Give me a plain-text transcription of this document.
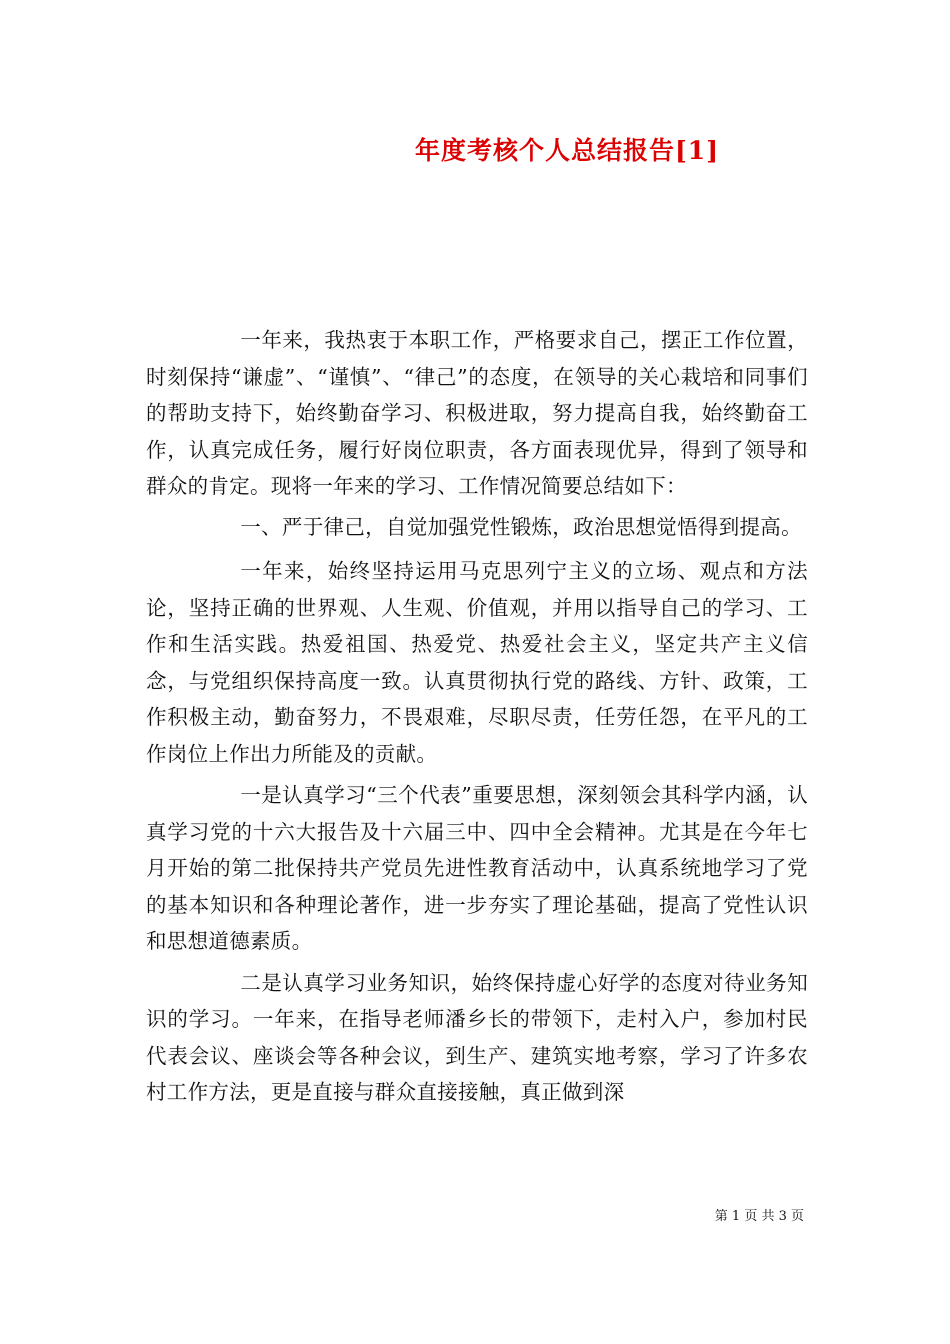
年度考核个人总结报告[1]

一年来，我热衷于本职工作，严格要求自己，摆正工作位置，时刻保持“谦虚”、“谨慎”、“律己”的态度，在领导的关心栽培和同事们的帮助支持下，始终勤奋学习、积极进取，努力提高自我，始终勤奋工作，认真完成任务，履行好岗位职责，各方面表现优异，得到了领导和群众的肯定。现将一年来的学习、工作情况简要总结如下：

一、严于律己，自觉加强党性锻炼，政治思想觉悟得到提高。

一年来，始终坚持运用马克思列宁主义的立场、观点和方法论，坚持正确的世界观、人生观、价值观，并用以指导自己的学习、工作和生活实践。热爱祖国、热爱党、热爱社会主义，坚定共产主义信念，与党组织保持高度一致。认真贯彻执行党的路线、方针、政策，工作积极主动，勤奋努力，不畏艰难，尽职尽责，任劳任怨，在平凡的工作岗位上作出力所能及的贡献。

一是认真学习“三个代表”重要思想，深刻领会其科学内涵，认真学习党的十六大报告及十六届三中、四中全会精神。尤其是在今年七月开始的第二批保持共产党员先进性教育活动中，认真系统地学习了党的基本知识和各种理论著作，进一步夯实了理论基础，提高了党性认识和思想道德素质。

二是认真学习业务知识，始终保持虚心好学的态度对待业务知识的学习。一年来，在指导老师潘乡长的带领下，走村入户，参加村民代表会议、座谈会等各种会议，到生产、建筑实地考察，学习了许多农村工作方法，更是直接与群众直接接触，真正做到深

第 1 页 共 3 页
